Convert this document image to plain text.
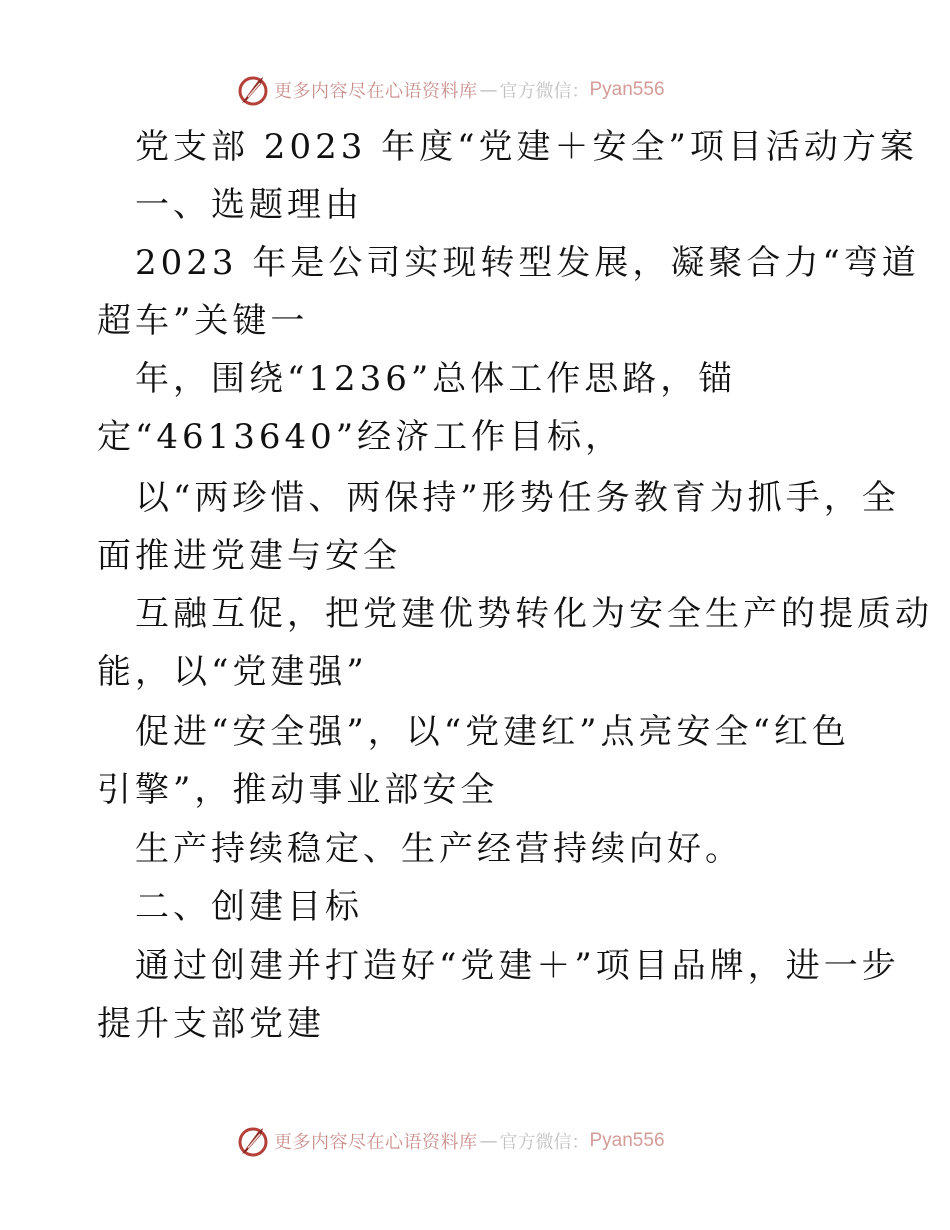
更多内容尽在心语资料库 — 官方微信： Pyan556
党支部 2023 年度“党建＋安全”项目活动方案
一、选题理由
2023 年是公司实现转型发展，凝聚合力“弯道
超车”关键一
年，围绕“1236”总体工作思路，锚
定“4613640”经济工作目标，
以“两珍惜、两保持”形势任务教育为抓手，全
面推进党建与安全
互融互促，把党建优势转化为安全生产的提质动
能，以“党建强”
促进“安全强”，以“党建红”点亮安全“红色
引擎”，推动事业部安全
生产持续稳定、生产经营持续向好。
二、创建目标
通过创建并打造好“党建＋”项目品牌，进一步
提升支部党建
更多内容尽在心语资料库 — 官方微信： Pyan556
